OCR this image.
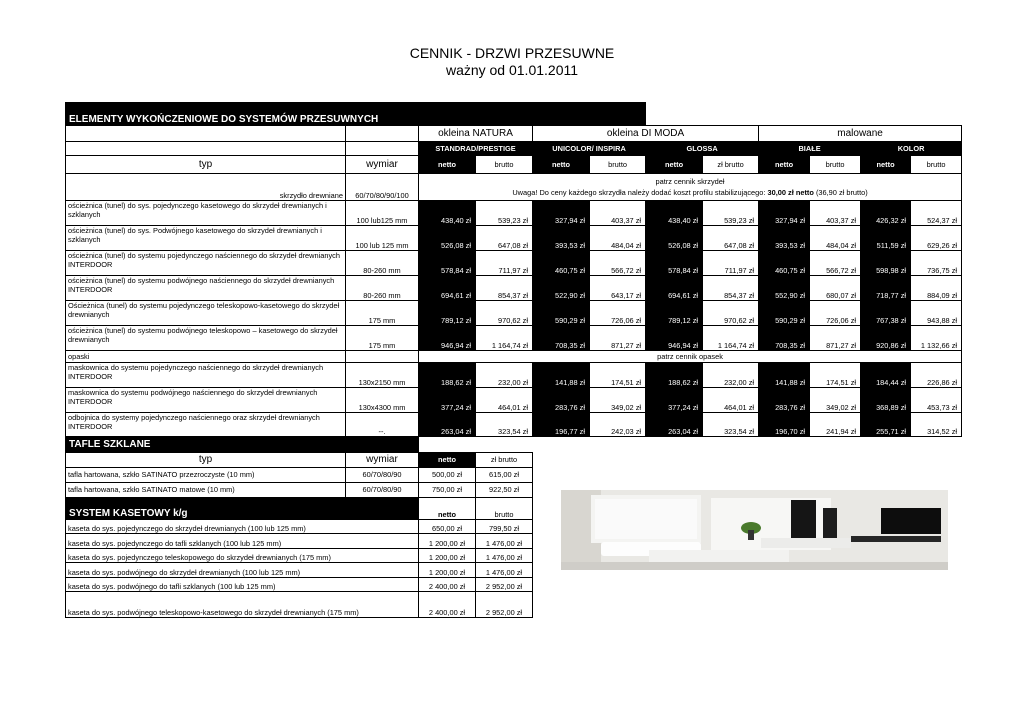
CENNIK - DRZWI PRZESUWNE
ważny od 01.01.2011
ELEMENTY WYKOŃCZENIOWE DO SYSTEMÓW PRZESUWNYCH											
		okleina NATURA		okleina DI MODA				malowane			
		STANDRAD/PRESTIGE		UNICOLOR/ INSPIRA		GLOSSA		BIAŁE		KOLOR	
typ	wymiar	netto	brutto	netto	brutto	netto	zł brutto	netto	brutto	netto	brutto
skrzydło drewniane	60/70/80/90/100	patrz cennik skrzydeł
Uwaga! Do ceny każdego skrzydła należy dodać koszt profilu stabilizującego: 30,00 zł netto (36,90 zł brutto)									

ościeżnica (tunel) do sys. pojedynczego kasetowego do skrzydeł drewnianych i szklanych	100 lub125 mm	438,40 zł	539,23 zł	327,94 zł	403,37 zł	438,40 zł	539,23 zł	327,94 zł	403,37 zł	426,32 zł	524,37 zł
ościeżnica (tunel) do sys. Podwójnego kasetowego do skrzydeł drewnianych i szklanych	100 lub 125 mm	526,08 zł	647,08 zł	393,53 zł	484,04 zł	526,08 zł	647,08 zł	393,53 zł	484,04 zł	511,59 zł	629,26 zł
ościeżnica (tunel) do systemu pojedynczego naściennego do skrzydeł drewnianych INTERDOOR	80-260 mm	578,84 zł	711,97 zł	460,75 zł	566,72 zł	578,84 zł	711,97 zł	460,75 zł	566,72 zł	598,98 zł	736,75 zł
ościeżnica (tunel) do systemu podwójnego naściennego do skrzydeł drewnianych INTERDOOR	80-260 mm	694,61 zł	854,37 zł	522,90 zł	643,17 zł	694,61 zł	854,37 zł	552,90 zł	680,07 zł	718,77 zł	884,09 zł
Ościeżnica (tunel) do systemu pojedynczego teleskopowo-kasetowego do skrzydeł drewnianych	175 mm	789,12 zł	970,62 zł	590,29 zł	726,06 zł	789,12 zł	970,62 zł	590,29 zł	726,06 zł	767,38 zł	943,88 zł
ościeżnica (tunel) do systemu podwójnego teleskopowo – kasetowego do skrzydeł drewnianych	175 mm	946,94 zł	1 164,74 zł	708,35 zł	871,27 zł	946,94 zł	1 164,74 zł	708,35 zł	871,27 zł	920,86 zł	1 132,66 zł
opaski		patrz cennik opasek									
maskownica do systemu pojedynczego naściennego do skrzydeł drewnianych INTERDOOR	130x2150 mm	188,62 zł	232,00 zł	141,88 zł	174,51 zł	188,62 zł	232,00 zł	141,88 zł	174,51 zł	184,44 zł	226,86 zł
maskownica do systemu podwójnego naściennego do skrzydeł drewnianych INTERDOOR	130x4300 mm	377,24 zł	464,01 zł	283,76 zł	349,02 zł	377,24 zł	464,01 zł	283,76 zł	349,02 zł	368,89 zł	453,73 zł
odbojnica do systemy pojedynczego naściennego oraz skrzydeł drewnianych INTERDOOR	--.	263,04 zł	323,54 zł	196,77 zł	242,03 zł	263,04 zł	323,54 zł	196,70 zł	241,94 zł	255,71 zł	314,52 zł
TAFLE SZKLANE											
typ	wymiar	netto	zł brutto								
tafla hartowana, szkło SATINATO przezroczyste (10 mm)	60/70/80/90	500,00 zł	615,00 zł								
tafla hartowana, szkło SATINATO matowe (10 mm)	60/70/80/90	750,00 zł	922,50 zł								
SYSTEM KASETOWY k/g		netto	brutto								
kaseta do sys. pojedynczego do skrzydeł drewnianych (100 lub 125 mm)		650,00 zł	799,50 zł								
kaseta do sys. pojedynczego do tafli szklanych (100 lub 125 mm)		1 200,00 zł	1 476,00 zł								
kaseta do sys. pojedynczego teleskopowego do skrzydeł drewnianych (175 mm)		1 200,00 zł	1 476,00 zł								
kaseta do sys. podwójnego do skrzydeł drewnianych (100 lub 125 mm)		1 200,00 zł	1 476,00 zł								
kaseta do sys. podwójnego do tafli szklanych (100 lub 125 mm)		2 400,00 zł	2 952,00 zł								
kaseta do sys. podwójnego teleskopowo-kasetowego do skrzydeł drewnianych (175 mm)		2 400,00 zł	2 952,00 zł								
